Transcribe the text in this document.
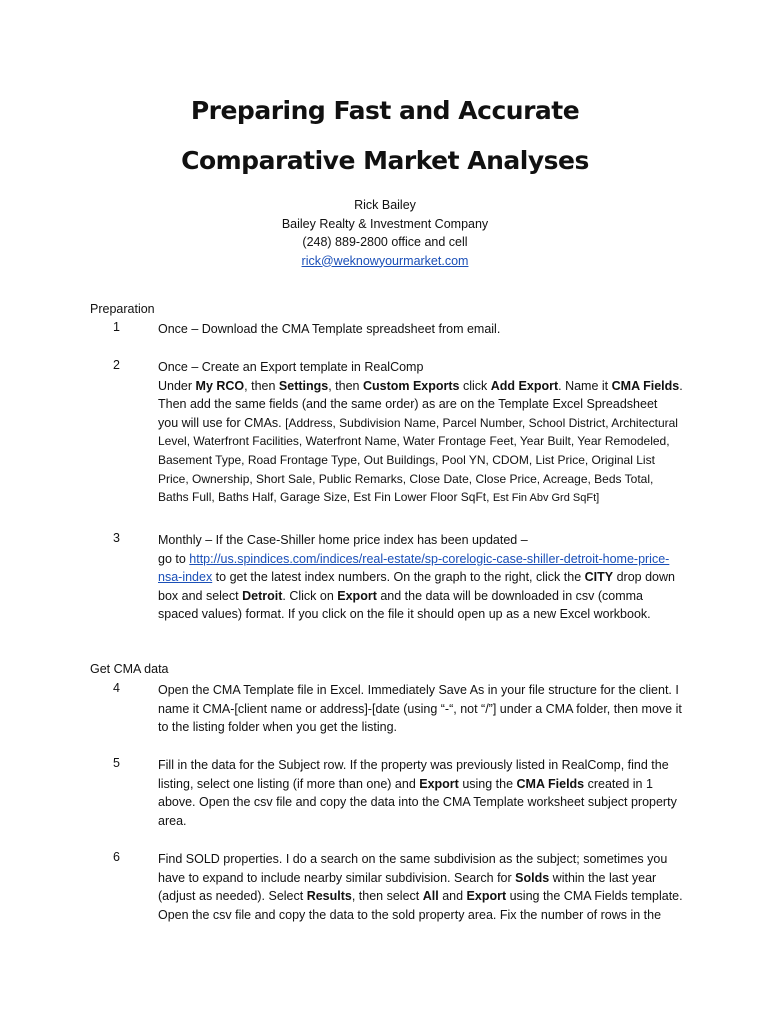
Preparing Fast and Accurate
Comparative Market Analyses
Rick Bailey
Bailey Realty & Investment Company
(248) 889-2800 office and cell
rick@weknowyourmarket.com
Preparation
1	Once – Download the CMA Template spreadsheet from email.
2	Once – Create an Export template in RealComp

Under My RCO, then Settings, then Custom Exports click Add Export. Name it CMA Fields.

Then add the same fields (and the same order) as are on the Template Excel Spreadsheet

you will use for CMAs. [Address, Subdivision Name, Parcel Number, School District, Architectural Level, Waterfront Facilities, Waterfront Name, Water Frontage Feet, Year Built, Year Remodeled, Basement Type, Road Frontage Type, Out Buildings, Pool YN, CDOM, List Price, Original List Price, Ownership, Short Sale, Public Remarks, Close Date, Close Price, Acreage, Beds Total, Baths Full, Baths Half, Garage Size, Est Fin Lower Floor SqFt, Est Fin Abv Grd SqFt]

3	Monthly – If the Case-Shiller home price index has been updated –

go to http://us.spindices.com/indices/real-estate/sp-corelogic-case-shiller-detroit-home-price-nsa-index to get the latest index numbers. On the graph to the right, click the CITY drop down box and select Detroit. Click on Export and the data will be downloaded in csv (comma spaced values) format. If you click on the file it should open up as a new Excel workbook.

Get CMA data
4	Open the CMA Template file in Excel. Immediately Save As in your file structure for the client. I name it CMA-[client name or address]-[date (using “-“, not “/”] under a CMA folder, then move it to the listing folder when you get the listing.
5	Fill in the data for the Subject row. If the property was previously listed in RealComp, find the listing, select one listing (if more than one) and Export using the CMA Fields created in 1 above. Open the csv file and copy the data into the CMA Template worksheet subject property area.
6	Find SOLD properties. I do a search on the same subdivision as the subject; sometimes you have to expand to include nearby similar subdivision. Search for Solds within the last year (adjust as needed). Select Results, then select All and Export using the CMA Fields template. Open the csv file and copy the data to the sold property area. Fix the number of rows in the
